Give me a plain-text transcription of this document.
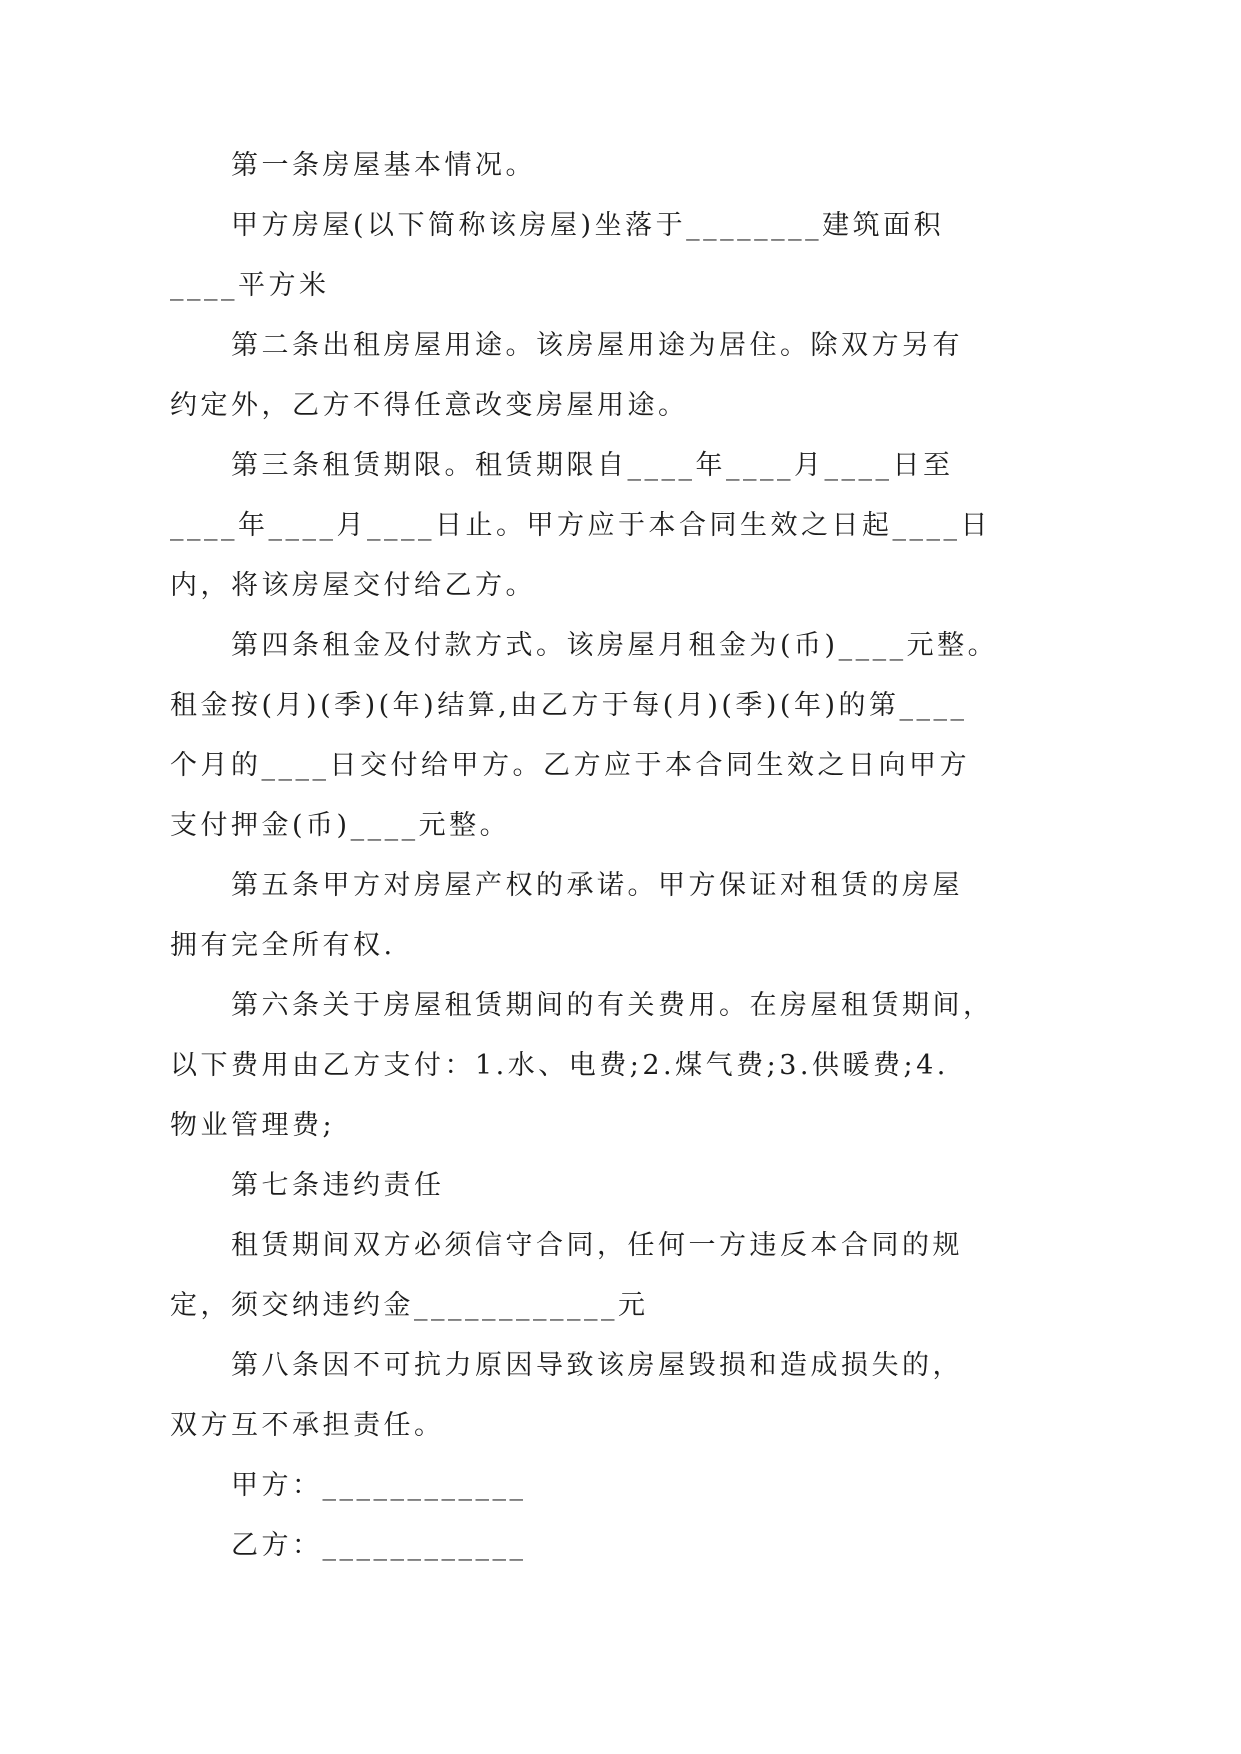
第一条房屋基本情况。

甲方房屋(以下简称该房屋)坐落于________建筑面积
____平方米

第二条出租房屋用途。该房屋用途为居住。除双方另有
约定外，乙方不得任意改变房屋用途。

第三条租赁期限。租赁期限自____年____月____日至
____年____月____日止。甲方应于本合同生效之日起____日
内，将该房屋交付给乙方。

第四条租金及付款方式。该房屋月租金为(币)____元整。
租金按(月)(季)(年)结算,由乙方于每(月)(季)(年)的第____
个月的____日交付给甲方。乙方应于本合同生效之日向甲方
支付押金(币)____元整。

第五条甲方对房屋产权的承诺。甲方保证对租赁的房屋
拥有完全所有权.

第六条关于房屋租赁期间的有关费用。在房屋租赁期间，
以下费用由乙方支付：1.水、电费;2.煤气费;3.供暖费;4.
物业管理费;

第七条违约责任

租赁期间双方必须信守合同，任何一方违反本合同的规
定，须交纳违约金____________元

第八条因不可抗力原因导致该房屋毁损和造成损失的，
双方互不承担责任。

甲方：____________

乙方：____________
